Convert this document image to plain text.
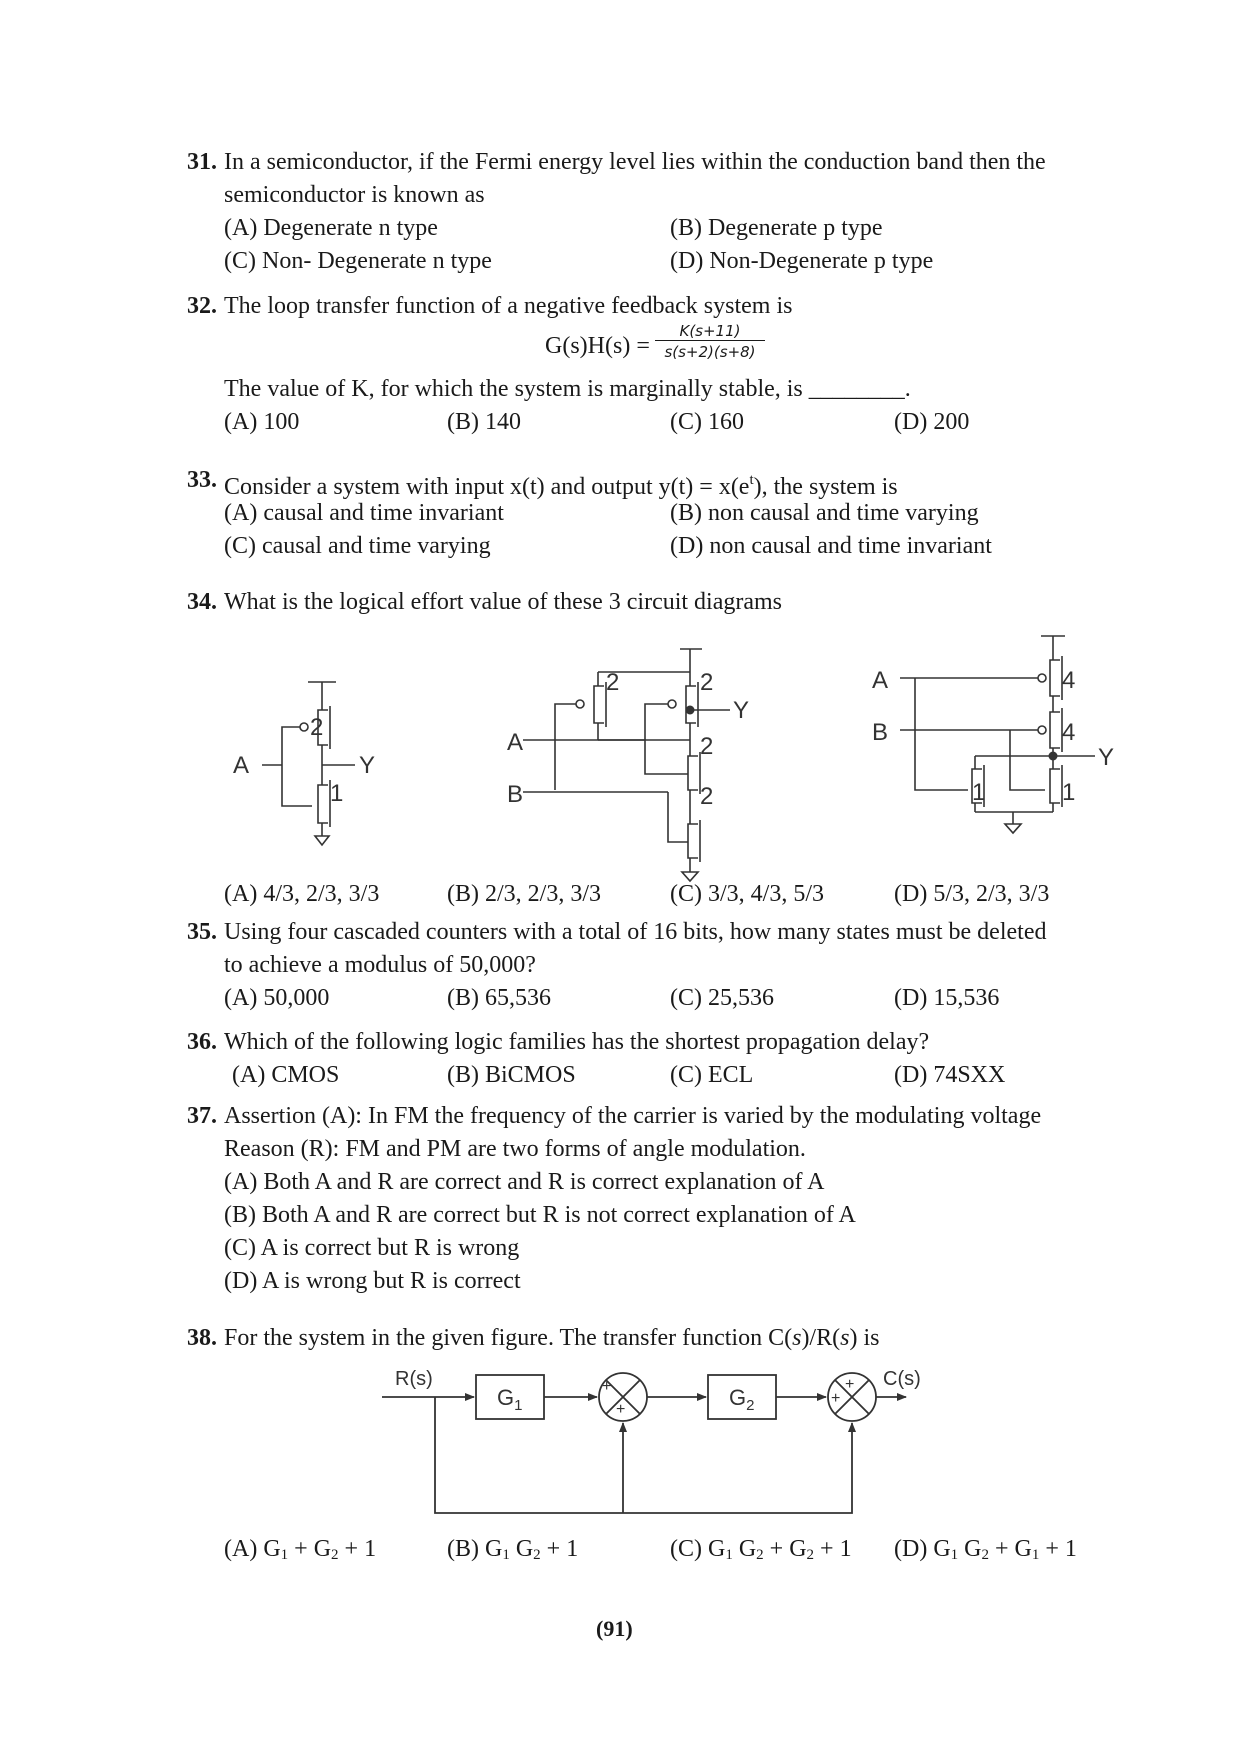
31. In a semiconductor, if the Fermi energy level lies within the conduction band then the
semiconductor is known as
(A) Degenerate n type	(B) Degenerate p type
(C) Non- Degenerate n type	(D) Non-Degenerate p type
32. The loop transfer function of a negative feedback system is
$G(s)H(s) = \frac{K(s+11)}{s(s+2)(s+8)}$
The value of K, for which the system is marginally stable, is ________.
(A) 100	(B) 140	(C) 160	(D) 200
33. Consider a system with input x(t) and output $y(t) = x(e^t)$, the system is
(A) causal and time invariant	(B) non causal and time varying
(C) causal and time varying	(D) non causal and time invariant
34. What is the logical effort value of these 3 circuit diagrams
2
1
A	Y
2	2
2
2
Y
A
B
4
4
1	1
Y
A
B
(A) 4/3, 2/3, 3/3	(B) 2/3, 2/3, 3/3	(C) 3/3, 4/3, 5/3	(D) 5/3, 2/3, 3/3
35. Using four cascaded counters with a total of 16 bits, how many states must be deleted
to achieve a modulus of 50,000?
(A) 50,000	(B) 65,536	(C) 25,536	(D) 15,536
36. Which of the following logic families has the shortest propagation delay?
(A) CMOS	(B) BiCMOS	(C) ECL	(D) 74SXX
37. Assertion (A): In FM the frequency of the carrier is varied by the modulating voltage
Reason (R): FM and PM are two forms of angle modulation.
(A) Both A and R are correct and R is correct explanation of A
(B) Both A and R are correct but R is not correct explanation of A
(C) A is correct but R is wrong
(D) A is wrong but R is correct
38. For the system in the given figure. The transfer function C(s)/R(s) is
R(s)	C(s)
$G_1$	$G_2$
+
+
+
+
(A) $G_1 + G_2 + 1$	(B) $G_1$ $G_2 + 1$	(C) $G_1$ $G_2 + G_2 + 1$ (D) $G_1$ $G_2 + G_1 + 1$
(91)
